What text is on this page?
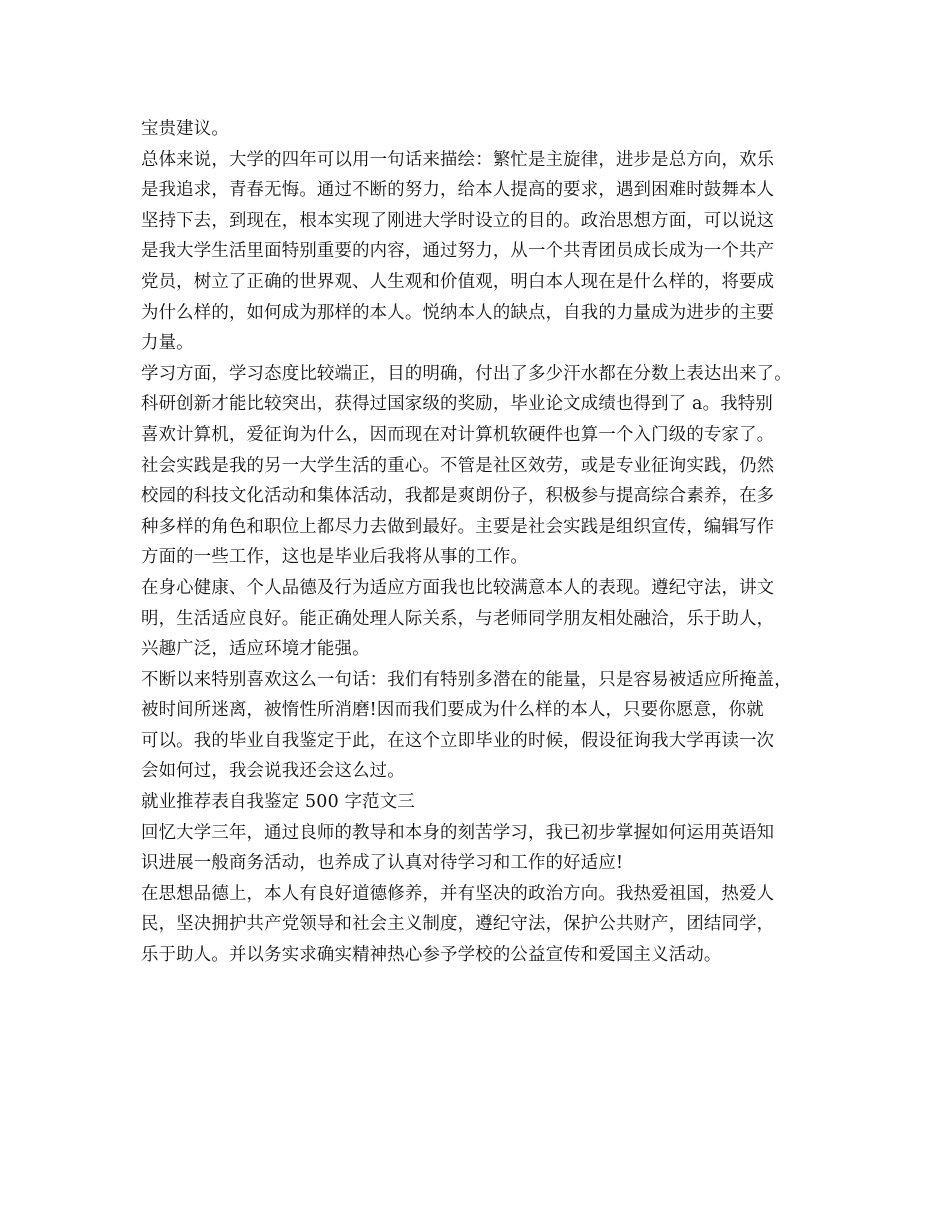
宝贵建议。

总体来说，大学的四年可以用一句话来描绘：繁忙是主旋律，进步是总方向，欢乐
是我追求，青春无悔。通过不断的努力，给本人提高的要求，遇到困难时鼓舞本人
坚持下去，到现在，根本实现了刚进大学时设立的目的。政治思想方面，可以说这
是我大学生活里面特别重要的内容，通过努力，从一个共青团员成长成为一个共产
党员，树立了正确的世界观、人生观和价值观，明白本人现在是什么样的，将要成
为什么样的，如何成为那样的本人。悦纳本人的缺点，自我的力量成为进步的主要
力量。

学习方面，学习态度比较端正，目的明确，付出了多少汗水都在分数上表达出来了。
科研创新才能比较突出，获得过国家级的奖励，毕业论文成绩也得到了 a。我特别
喜欢计算机，爱征询为什么，因而现在对计算机软硬件也算一个入门级的专家了。

社会实践是我的另一大学生活的重心。不管是社区效劳，或是专业征询实践，仍然
校园的科技文化活动和集体活动，我都是爽朗份子，积极参与提高综合素养，在多
种多样的角色和职位上都尽力去做到最好。主要是社会实践是组织宣传，编辑写作
方面的一些工作，这也是毕业后我将从事的工作。

在身心健康、个人品德及行为适应方面我也比较满意本人的表现。遵纪守法，讲文
明，生活适应良好。能正确处理人际关系，与老师同学朋友相处融洽，乐于助人，
兴趣广泛，适应环境才能强。

不断以来特别喜欢这么一句话：我们有特别多潜在的能量，只是容易被适应所掩盖，
被时间所迷离，被惰性所消磨!因而我们要成为什么样的本人，只要你愿意，你就
可以。我的毕业自我鉴定于此，在这个立即毕业的时候，假设征询我大学再读一次
会如何过，我会说我还会这么过。

就业推荐表自我鉴定 500 字范文三

回忆大学三年，通过良师的教导和本身的刻苦学习，我已初步掌握如何运用英语知
识进展一般商务活动，也养成了认真对待学习和工作的好适应!

在思想品德上，本人有良好道德修养，并有坚决的政治方向。我热爱祖国，热爱人
民，坚决拥护共产党领导和社会主义制度，遵纪守法，保护公共财产，团结同学，
乐于助人。并以务实求确实精神热心参予学校的公益宣传和爱国主义活动。
